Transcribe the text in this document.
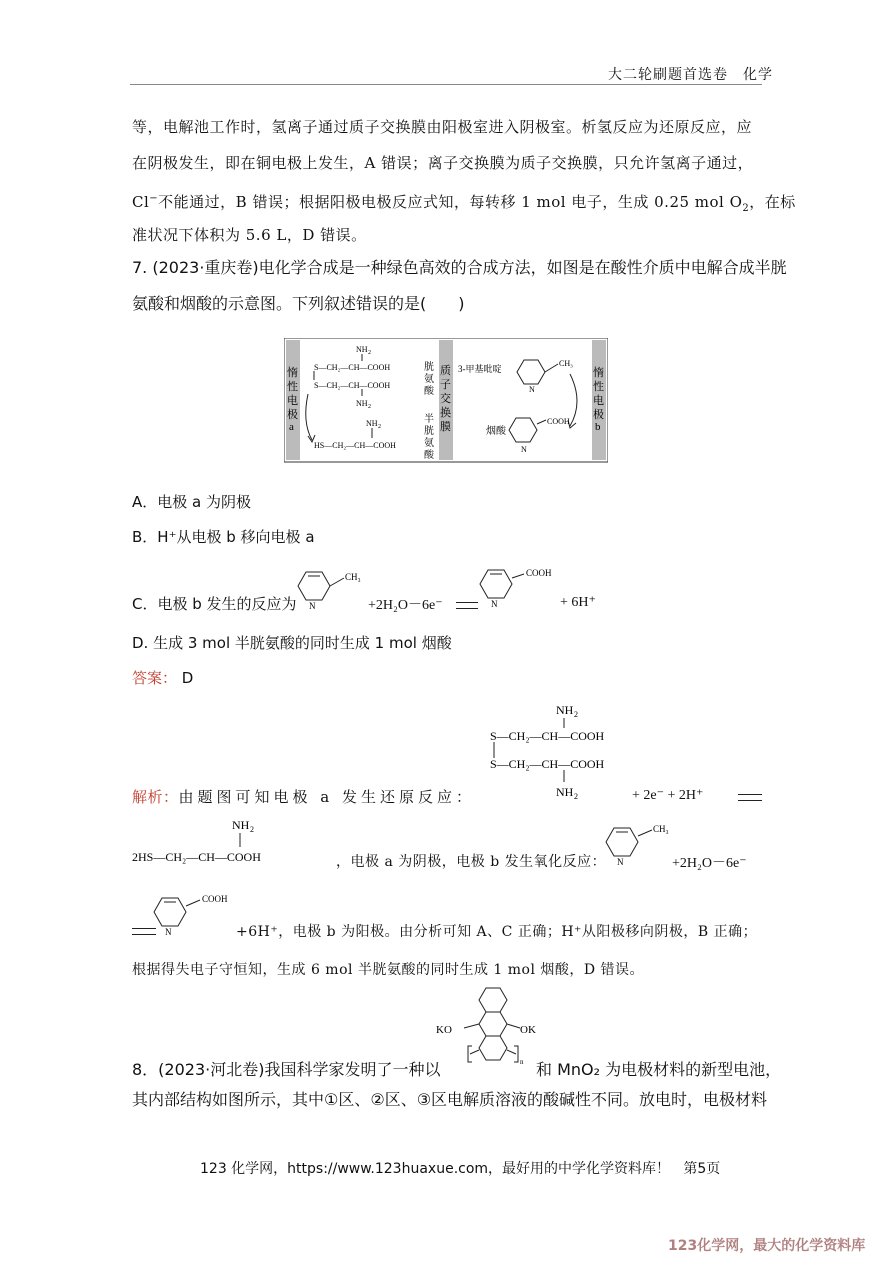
大二轮刷题首选卷　 化学
等，电解池工作时，氢离子通过质子交换膜由阳极室进入阴极室。析氢反应为还原反应，应
在阴极发生，即在铜电极上发生，A 错误；离子交换膜为质子交换膜，只允许氢离子通过，
Cl−不能通过，B 错误；根据阳极电极反应式知，每转移 1 mol 电子，生成 0.25 mol $O_2$，在标
准状况下体积为 5.6 L，D 错误。
7. (2023·重庆卷)电化学合成是一种绿色高效的合成方法，如图是在酸性介质中电解合成半胱
氨酸和烟酸的示意图。下列叙述错误的是(　　)
惰
性
电
极
a
惰
性
电
极
b
质
子
交
换
膜
NH 2
S—CH₂—CH—COOH
S—CH₂—CH—COOH
NH 2
胱
氨
酸
半
胱
氨
酸
NH 2
HS—CH₂—CH—COOH
3-甲基吡啶
N
CH₃
烟酸
N
COOH
A．电极 a 为阴极
B．H⁺从电极 b 移向电极 a
C．电极 b 发生的反应为 N
CH₃
+2H₂O－6e⁻	N
COOH
+ 6H⁺
D. 生成 3 mol 半胱氨酸的同时生成 1 mol 烟酸
答案： D
NH 2
S—CH₂—CH—COOH
S—CH₂—CH—COOH
NH 2
解析：由题图可知电极 a 发生还原反应：	+ 2e⁻ + 2H⁺
NH 2
2HS—CH₂—CH—COOH	，电极 a 为阴极，电极 b 发生氧化反应： N
CH₃
+2H₂O－6e⁻
N
COOH
+6H⁺，电极 b 为阳极。由分析可知 A、C 正确；H⁺从阳极移向阴极，B 正确；
根据得失电子守恒知，生成 6 mol 半胱氨酸的同时生成 1 mol 烟酸，D 错误。
KO	OK
n
8．(2023·河北卷)我国科学家发明了一种以	和 MnO₂ 为电极材料的新型电池，
其内部结构如图所示，其中①区、②区、③区电解质溶液的酸碱性不同。放电时，电极材料
123 化学网，https://www.123huaxue.com，最好用的中学化学资料库！   第5页
123化学网，最大的化学资料库
